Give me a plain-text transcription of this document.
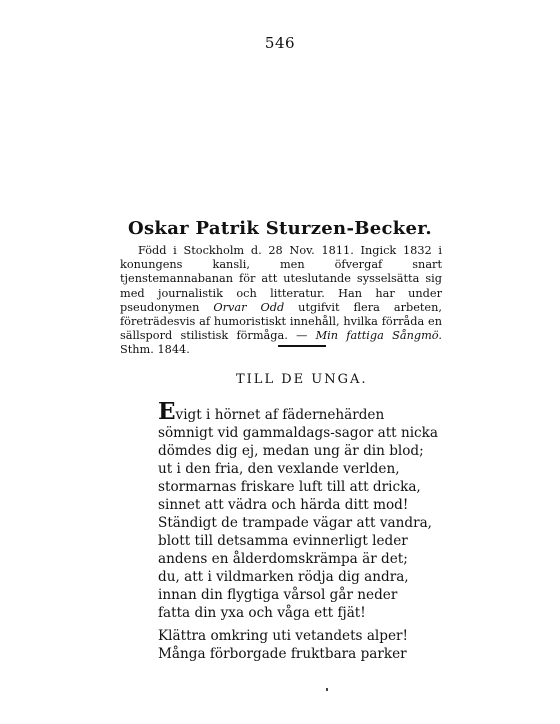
546
Oskar Patrik Sturzen-Becker.

Född i Stockholm d. 28 Nov. 1811. Ingick 1832 i konungens kansli, men öfvergaf snart tjenstemannabanan för att uteslutande sysselsätta sig med journalistik och litteratur. Han har under pseudonymen Orvar Odd utgifvit flera arbeten, företrädesvis af humoristiskt innehåll, hvilka förråda en sällspord stilistisk förmåga. — Min fattiga Sångmö. Sthm. 1844.

TILL DE UNGA.

Evigt i hörnet af fädernehärden
sömnigt vid gammaldags-sagor att nicka
dömdes dig ej, medan ung är din blod;
ut i den fria, den vexlande verlden,
stormarnas friskare luft till att dricka,
sinnet att vädra och härda ditt mod!

Ständigt de trampade vägar att vandra,
blott till detsamma evinnerligt leder
andens en ålderdomskrämpa är det;
du, att i vildmarken rödja dig andra,
innan din flygtiga vårsol går neder
fatta din yxa och våga ett fjät!

Klättra omkring uti vetandets alper!
Många förborgade fruktbara parker
